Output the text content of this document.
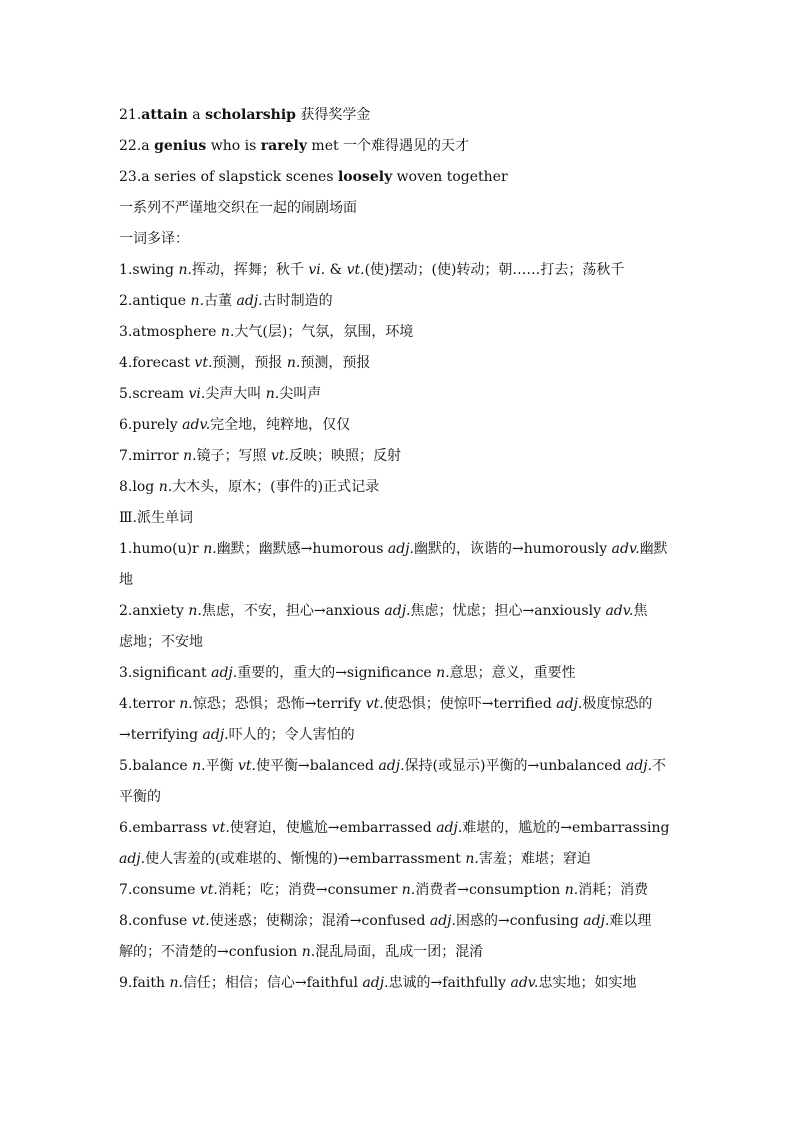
21.attain a scholarship 获得奖学金
22.a genius who is rarely met 一个难得遇见的天才
23.a series of slapstick scenes loosely woven together
一系列不严谨地交织在一起的闹剧场面
一词多译：
1.swing n.挥动，挥舞；秋千 vi. & vt.(使)摆动；(使)转动；朝……打去；荡秋千
2.antique n.古董 adj.古时制造的
3.atmosphere n.大气(层)；气氛，氛围，环境
4.forecast vt.预测，预报 n.预测，预报
5.scream vi.尖声大叫 n.尖叫声
6.purely adv.完全地，纯粹地，仅仅
7.mirror n.镜子；写照 vt.反映；映照；反射
8.log n.大木头，原木；(事件的)正式记录
Ⅲ.派生单词
1.humo(u)r n.幽默；幽默感→humorous adj.幽默的，诙谐的→humorously adv.幽默
地
2.anxiety n.焦虑，不安，担心→anxious adj.焦虑；忧虑；担心→anxiously adv.焦
虑地；不安地
3.significant adj.重要的，重大的→significance n.意思；意义，重要性
4.terror n.惊恐；恐惧；恐怖→terrify vt.使恐惧；使惊吓→terrified adj.极度惊恐的
→terrifying adj.吓人的；令人害怕的
5.balance n.平衡 vt.使平衡→balanced adj.保持(或显示)平衡的→unbalanced adj.不
平衡的
6.embarrass vt.使窘迫，使尴尬→embarrassed adj.难堪的，尴尬的→embarrassing
adj.使人害羞的(或难堪的、惭愧的)→embarrassment n.害羞；难堪；窘迫
7.consume vt.消耗；吃；消费→consumer n.消费者→consumption n.消耗；消费
8.confuse vt.使迷惑；使糊涂；混淆→confused adj.困惑的→confusing adj.难以理
解的；不清楚的→confusion n.混乱局面，乱成一团；混淆
9.faith n.信任；相信；信心→faithful adj.忠诚的→faithfully adv.忠实地；如实地
